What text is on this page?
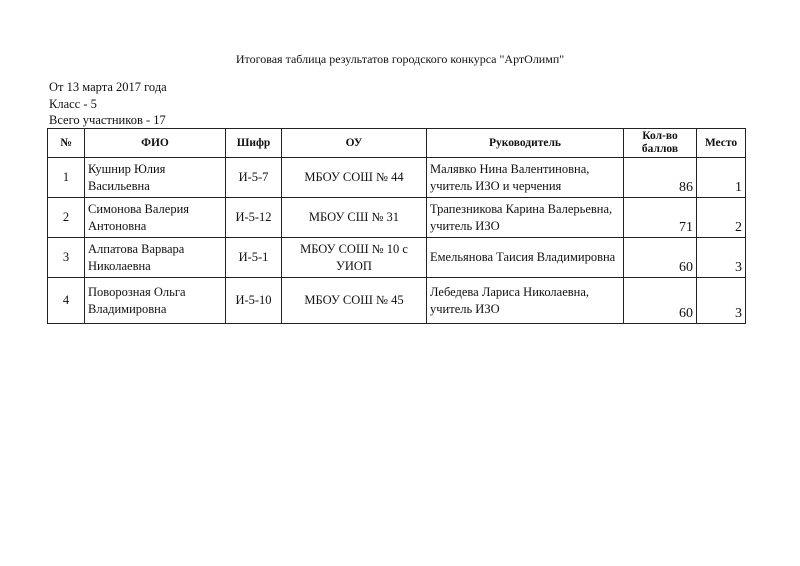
Итоговая таблица результатов городского конкурса "АртОлимп"
От 13 марта 2017 года
Класс - 5
Всего участников - 17
№	ФИО	Шифр	ОУ	Руководитель	Кол-во баллов	Место
1	Кушнир Юлия Васильевна	И-5-7	МБОУ СОШ № 44	Малявко Нина Валентиновна, учитель ИЗО и черчения	86	1
2	Симонова Валерия Антоновна	И-5-12	МБОУ СШ № 31	Трапезникова Карина Валерьевна, учитель ИЗО	71	2
3	Алпатова Варвара Николаевна	И-5-1	МБОУ СОШ № 10 с УИОП	Емельянова Таисия Владимировна	60	3
4	Поворозная Ольга Владимировна	И-5-10	МБОУ СОШ № 45	Лебедева Лариса Николаевна, учитель ИЗО	60	3
